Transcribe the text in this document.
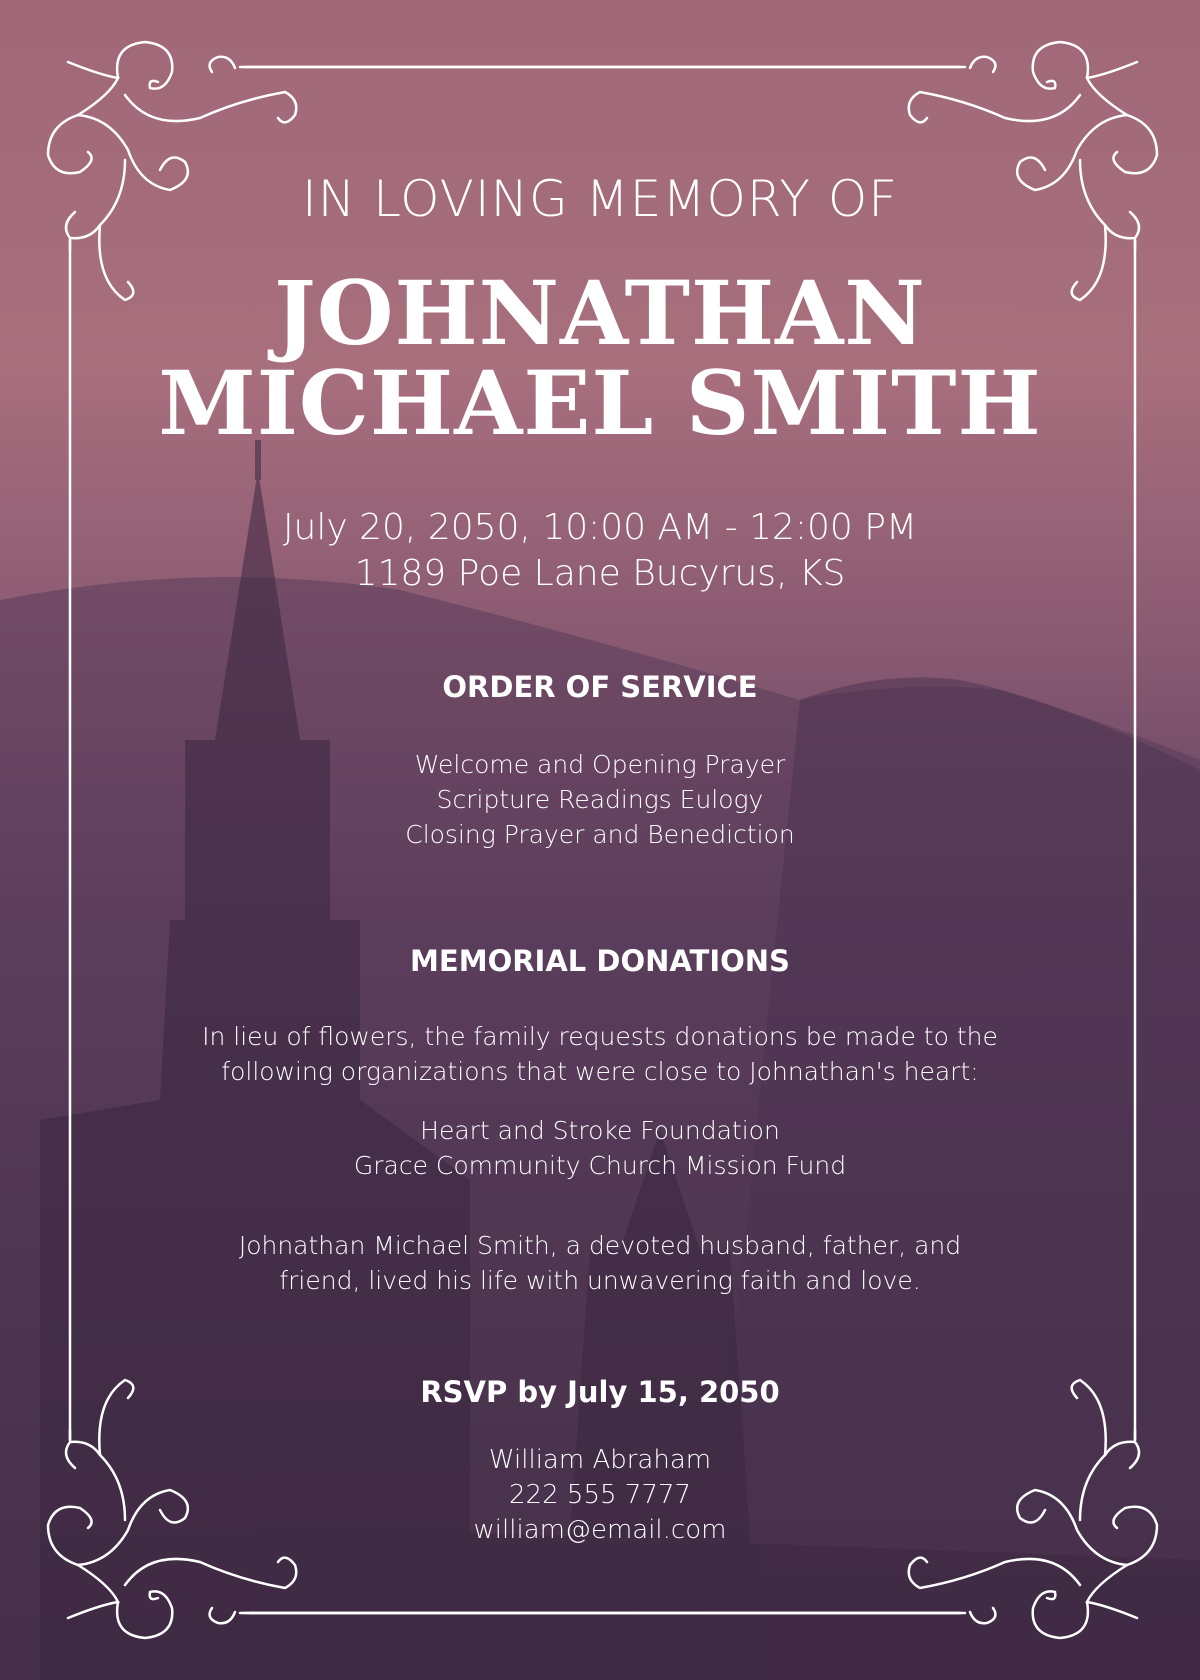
IN LOVING MEMORY OF

JOHNATHAN
MICHAEL SMITH
July 20, 2050, 10:00 AM - 12:00 PM
1189 Poe Lane Bucyrus, KS
ORDER OF SERVICE
Welcome and Opening Prayer
Scripture Readings Eulogy
Closing Prayer and Benediction
MEMORIAL DONATIONS
In lieu of flowers, the family requests donations be made to the
following organizations that were close to Johnathan's heart:
Heart and Stroke Foundation
Grace Community Church Mission Fund
Johnathan Michael Smith, a devoted husband, father, and
friend, lived his life with unwavering faith and love.
RSVP by July 15, 2050
William Abraham
222 555 7777
william@email.com
